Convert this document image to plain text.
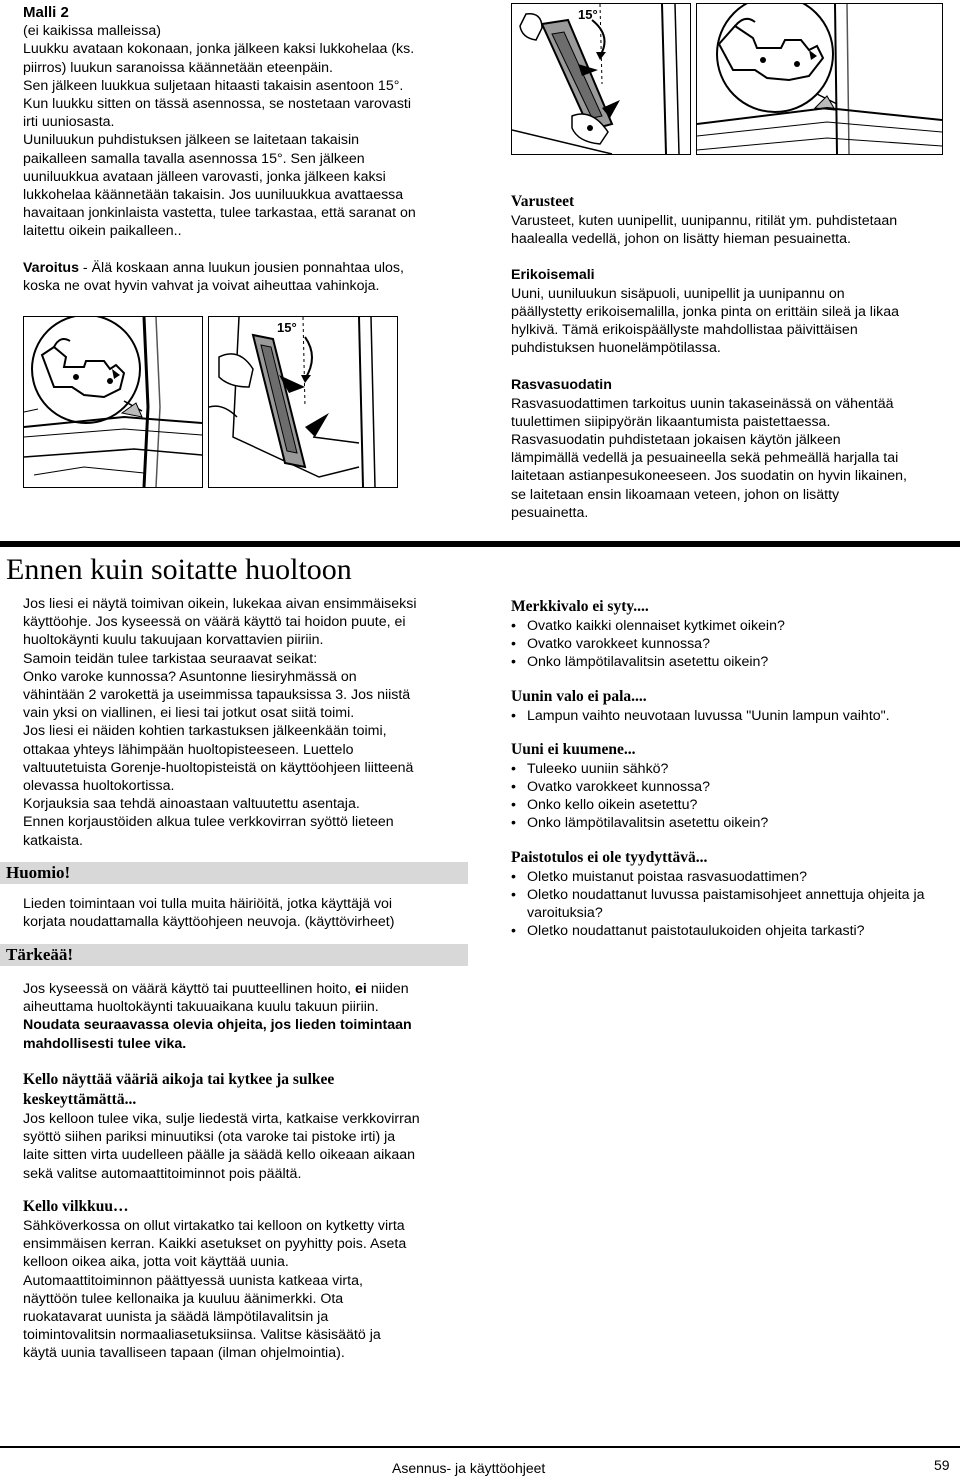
Malli 2

(ei kaikissa malleissa)

Luukku avataan kokonaan, jonka jälkeen kaksi lukkohelaa (ks.

piirros) luukun saranoissa käännetään eteenpäin.

Sen jälkeen luukkua suljetaan hitaasti takaisin asentoon 15°.

Kun luukku sitten on tässä asennossa, se nostetaan varovasti

irti uuniosasta.

Uuniluukun puhdistuksen jälkeen se laitetaan takaisin

paikalleen samalla tavalla asennossa 15°. Sen jälkeen

uuniluukkua avataan jälleen varovasti, jonka jälkeen kaksi

lukkohelaa käännetään takaisin. Jos uuniluukkua avattaessa

havaitaan jonkinlaista vastetta, tulee tarkastaa, että saranat on

laitettu oikein paikalleen..

Varoitus - Älä koskaan anna luukun jousien ponnahtaa ulos,

koska ne ovat hyvin vahvat ja voivat aiheuttaa vahinkoja.

15°
15°

Varusteet

Varusteet, kuten uunipellit, uunipannu, ritilät ym. puhdistetaan

haalealla vedellä, johon on lisätty hieman pesuainetta.

Erikoisemali

Uuni, uuniluukun sisäpuoli, uunipellit ja uunipannu on

päällystetty erikoisemalilla, jonka pinta on erittäin sileä ja likaa

hylkivä. Tämä erikoispäällyste mahdollistaa päivittäisen

puhdistuksen huonelämpötilassa.

Rasvasuodatin

Rasvasuodattimen tarkoitus uunin takaseinässä on vähentää

tuulettimen siipipyörän likaantumista paistettaessa.

Rasvasuodatin puhdistetaan jokaisen käytön jälkeen

lämpimällä vedellä ja pesuaineella sekä pehmeällä harjalla tai

laitetaan astianpesukoneeseen. Jos suodatin on hyvin likainen,

se laitetaan ensin likoamaan veteen, johon on lisätty

pesuainetta.

Ennen kuin soitatte huoltoon

Jos liesi ei näytä toimivan oikein, lukekaa aivan ensimmäiseksi

käyttöohje. Jos kyseessä on väärä käyttö tai hoidon puute, ei

huoltokäynti kuulu takuujaan korvattavien piiriin.

Samoin teidän tulee tarkistaa seuraavat seikat:

Onko varoke kunnossa? Asuntonne liesiryhmässä on

vähintään 2 varokettä ja useimmissa tapauksissa 3. Jos niistä

vain yksi on viallinen, ei liesi tai jotkut osat siitä toimi.

Jos liesi ei näiden kohtien tarkastuksen jälkeenkään toimi,

ottakaa yhteys lähimpään huoltopisteeseen. Luettelo

valtuutetuista Gorenje-huoltopisteistä on käyttöohjeen liitteenä

olevassa huoltokortissa.

Korjauksia saa tehdä ainoastaan valtuutettu asentaja.

Ennen korjaustöiden alkua tulee verkkovirran syöttö lieteen

katkaista.

Huomio!

Lieden toimintaan voi tulla muita häiriöitä, jotka käyttäjä voi

korjata noudattamalla käyttöohjeen neuvoja. (käyttövirheet)

Tärkeää!

Jos kyseessä on väärä käyttö tai puutteellinen hoito, ei niiden

aiheuttama huoltokäynti takuuaikana kuulu takuun piiriin.

Noudata seuraavassa olevia ohjeita, jos lieden toimintaan

mahdollisesti tulee vika.

Kello näyttää vääriä aikoja tai kytkee ja sulkee

keskeyttämättä...

Jos kelloon tulee vika, sulje liedestä virta, katkaise verkkovirran

syöttö siihen pariksi minuutiksi (ota varoke tai pistoke irti) ja

laite sitten virta uudelleen päälle ja säädä kello oikeaan aikaan

sekä valitse automaattitoiminnot pois päältä.

Kello vilkkuu…

Sähköverkossa on ollut virtakatko tai kelloon on kytketty virta

ensimmäisen kerran. Kaikki asetukset on pyyhitty pois. Aseta

kelloon oikea aika, jotta voit käyttää uunia.

Automaattitoiminnon päättyessä uunista katkeaa virta,

näyttöön tulee kellonaika ja kuuluu äänimerkki. Ota

ruokatavarat uunista ja säädä lämpötilavalitsin ja

toimintovalitsin normaaliasetuksiinsa. Valitse käsisäätö ja

käytä uunia tavalliseen tapaan (ilman ohjelmointia).

Merkkivalo ei syty....

• Ovatko kaikki olennaiset kytkimet oikein?
• Ovatko varokkeet kunnossa?
• Onko lämpötilavalitsin asetettu oikein?

Uunin valo ei pala....

• Lampun vaihto neuvotaan luvussa "Uunin lampun vaihto".

Uuni ei kuumene...

• Tuleeko uuniin sähkö?
• Ovatko varokkeet kunnossa?
• Onko kello oikein asetettu?
• Onko lämpötilavalitsin asetettu oikein?

Paistotulos ei ole tyydyttävä...

• Oletko muistanut poistaa rasvasuodattimen?
• Oletko noudattanut luvussa paistamisohjeet annettuja ohjeita ja varoituksia?
• Oletko noudattanut paistotaulukoiden ohjeita tarkasti?
Asennus- ja käyttöohjeet	59
